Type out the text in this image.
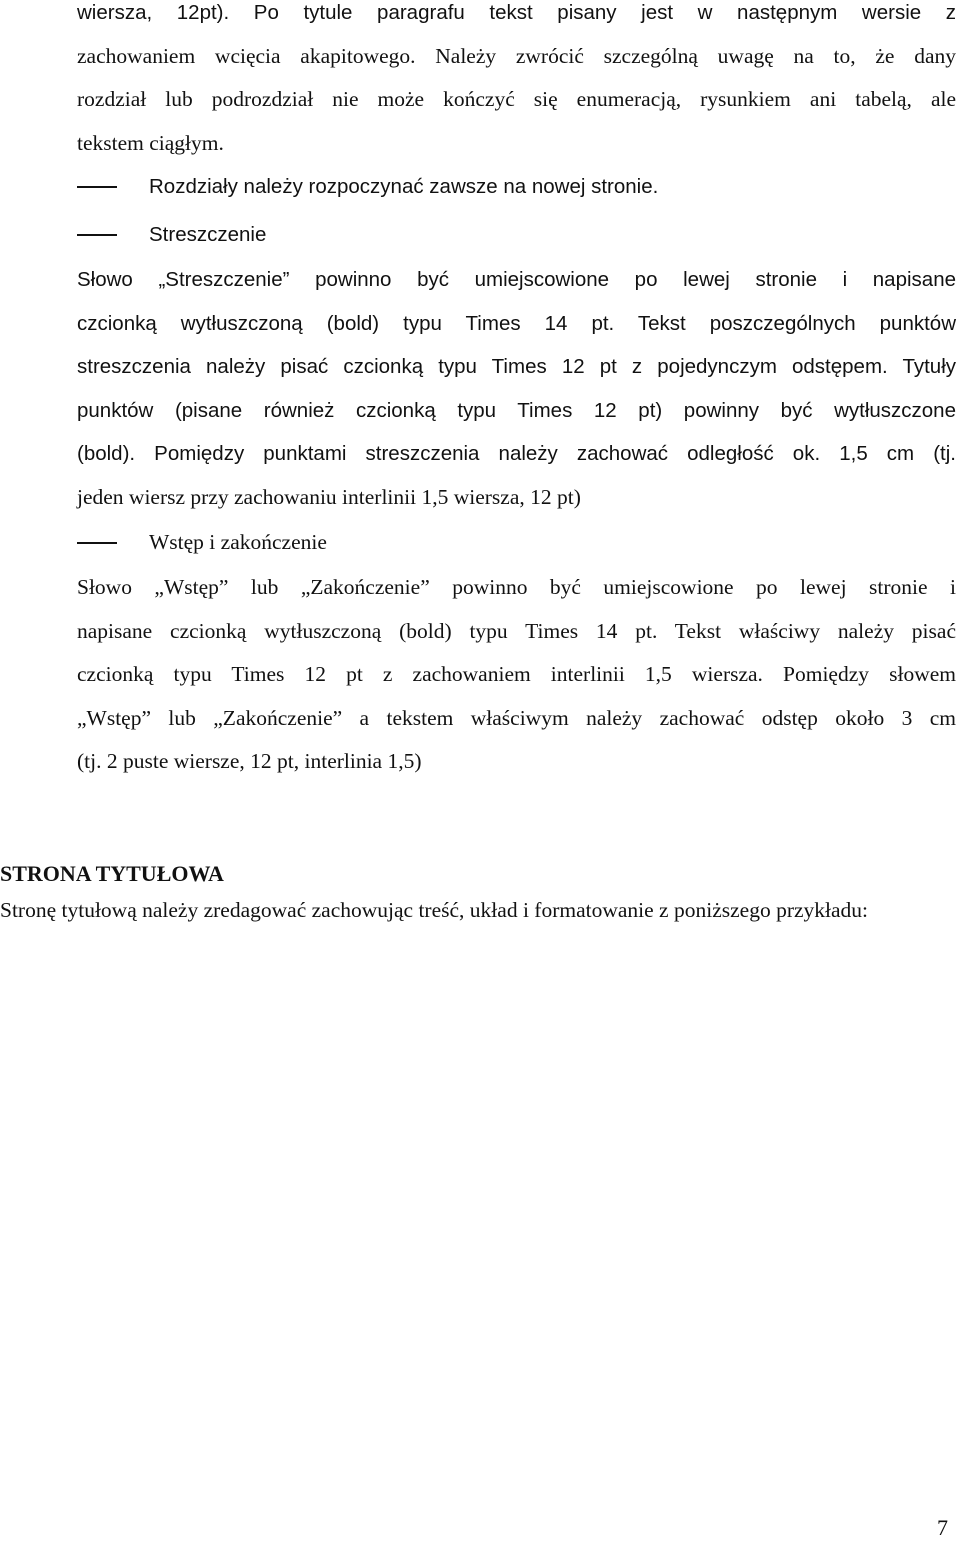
wiersza, 12pt). Po tytule paragrafu tekst pisany jest w następnym wersie z
zachowaniem wcięcia akapitowego. Należy zwrócić szczególną uwagę na to, że dany
rozdział lub podrozdział nie może kończyć się enumeracją, rysunkiem ani tabelą, ale
tekstem ciągłym.
Rozdziały należy rozpoczynać zawsze na nowej stronie.
Streszczenie
Słowo „Streszczenie” powinno być umiejscowione po lewej stronie i napisane
czcionką wytłuszczoną (bold) typu Times 14 pt. Tekst poszczególnych punktów
streszczenia należy pisać czcionką typu Times 12 pt z pojedynczym odstępem. Tytuły
punktów (pisane również czcionką typu Times 12 pt) powinny być wytłuszczone
(bold). Pomiędzy punktami streszczenia należy zachować odległość ok. 1,5 cm (tj.
jeden wiersz przy zachowaniu interlinii 1,5 wiersza, 12 pt)
Wstęp i zakończenie
Słowo „Wstęp” lub „Zakończenie” powinno być umiejscowione po lewej stronie i
napisane czcionką wytłuszczoną (bold) typu Times 14 pt. Tekst właściwy należy pisać
czcionką typu Times 12 pt z zachowaniem interlinii 1,5 wiersza. Pomiędzy słowem
„Wstęp” lub „Zakończenie” a tekstem właściwym należy zachować odstęp około 3 cm
(tj. 2 puste wiersze, 12 pt, interlinia 1,5)
STRONA TYTUŁOWA

Stronę tytułową należy zredagować zachowując treść, układ i formatowanie z poniższego przykładu:

7
